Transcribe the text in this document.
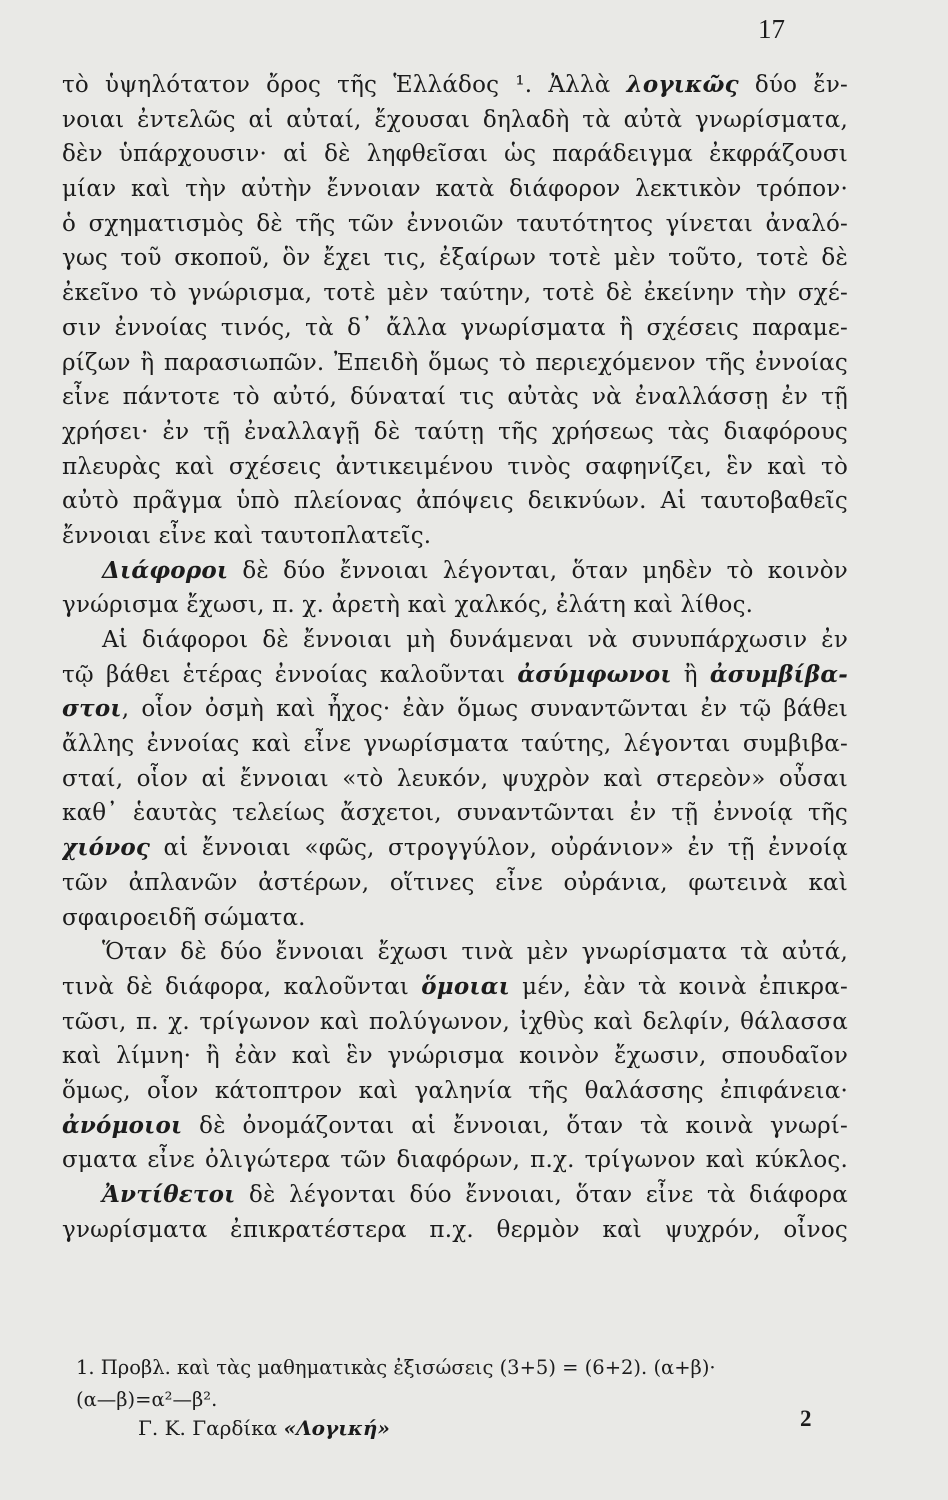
17
τὸ ὑψηλότατον ὄρος τῆς Ἑλλάδος ¹. Ἀλλὰ λογικῶς δύο ἔν-
νοιαι ἐντελῶς αἱ αὐταί, ἔχουσαι δηλαδὴ τὰ αὐτὰ γνωρίσματα,
δὲν ὑπάρχουσιν· αἱ δὲ ληφθεῖσαι ὡς παράδειγμα ἐκφράζουσι
μίαν καὶ τὴν αὐτὴν ἔννοιαν κατὰ διάφορον λεκτικὸν τρόπον·
ὁ σχηματισμὸς δὲ τῆς τῶν ἐννοιῶν ταυτότητος γίνεται ἀναλό-
γως τοῦ σκοποῦ, ὃν ἔχει τις, ἐξαίρων τοτὲ μὲν τοῦτο, τοτὲ δὲ
ἐκεῖνο τὸ γνώρισμα, τοτὲ μὲν ταύτην, τοτὲ δὲ ἐκείνην τὴν σχέ-
σιν ἐννοίας τινός, τὰ δ᾽ ἄλλα γνωρίσματα ἢ σχέσεις παραμε-
ρίζων ἢ παρασιωπῶν. Ἐπειδὴ ὅμως τὸ περιεχόμενον τῆς ἐννοίας
εἶνε πάντοτε τὸ αὐτό, δύναταί τις αὐτὰς νὰ ἐναλλάσσῃ ἐν τῇ
χρήσει· ἐν τῇ ἐναλλαγῇ δὲ ταύτῃ τῆς χρήσεως τὰς διαφόρους
πλευρὰς καὶ σχέσεις ἀντικειμένου τινὸς σαφηνίζει, ἓν καὶ τὸ
αὐτὸ πρᾶγμα ὑπὸ πλείονας ἀπόψεις δεικνύων. Αἱ ταυτοβαθεῖς
ἔννοιαι εἶνε καὶ ταυτοπλατεῖς.
Διάφοροι δὲ δύο ἔννοιαι λέγονται, ὅταν μηδὲν τὸ κοινὸν
γνώρισμα ἔχωσι, π. χ. ἀρετὴ καὶ χαλκός, ἐλάτη καὶ λίθος.
Αἱ διάφοροι δὲ ἔννοιαι μὴ δυνάμεναι νὰ συνυπάρχωσιν ἐν
τῷ βάθει ἑτέρας ἐννοίας καλοῦνται ἀσύμφωνοι ἢ ἀσυμβίβα-
στοι, οἷον ὀσμὴ καὶ ἦχος· ἐὰν ὅμως συναντῶνται ἐν τῷ βάθει
ἄλλης ἐννοίας καὶ εἶνε γνωρίσματα ταύτης, λέγονται συμβιβα-
σταί, οἷον αἱ ἔννοιαι «τὸ λευκόν, ψυχρὸν καὶ στερεὸν» οὖσαι
καθ᾽ ἑαυτὰς τελείως ἄσχετοι, συναντῶνται ἐν τῇ ἐννοίᾳ τῆς
χιόνος αἱ ἔννοιαι «φῶς, στρογγύλον, οὐράνιον» ἐν τῇ ἐννοίᾳ
τῶν ἀπλανῶν ἀστέρων, οἵτινες εἶνε οὐράνια, φωτεινὰ καὶ
σφαιροειδῆ σώματα.
Ὅταν δὲ δύο ἔννοιαι ἔχωσι τινὰ μὲν γνωρίσματα τὰ αὐτά,
τινὰ δὲ διάφορα, καλοῦνται ὅμοιαι μέν, ἐὰν τὰ κοινὰ ἐπικρα-
τῶσι, π. χ. τρίγωνον καὶ πολύγωνον, ἰχθὺς καὶ δελφίν, θάλασσα
καὶ λίμνη· ἢ ἐὰν καὶ ἓν γνώρισμα κοινὸν ἔχωσιν, σπουδαῖον
ὅμως, οἷον κάτοπτρον καὶ γαληνία τῆς θαλάσσης ἐπιφάνεια·
ἀνόμοιοι δὲ ὀνομάζονται αἱ ἔννοιαι, ὅταν τὰ κοινὰ γνωρί-
σματα εἶνε ὀλιγώτερα τῶν διαφόρων, π.χ. τρίγωνον καὶ κύκλος.
Ἀντίθετοι δὲ λέγονται δύο ἔννοιαι, ὅταν εἶνε τὰ διάφορα
γνωρίσματα ἐπικρατέστερα π.χ. θερμὸν καὶ ψυχρόν, οἶνος
1. Προβλ. καὶ τὰς μαθηματικὰς ἐξισώσεις (3+5) = (6+2). (α+β)·
(α—β)=α²—β².
Γ. Κ. Γαρδίκα «Λογική»	2
